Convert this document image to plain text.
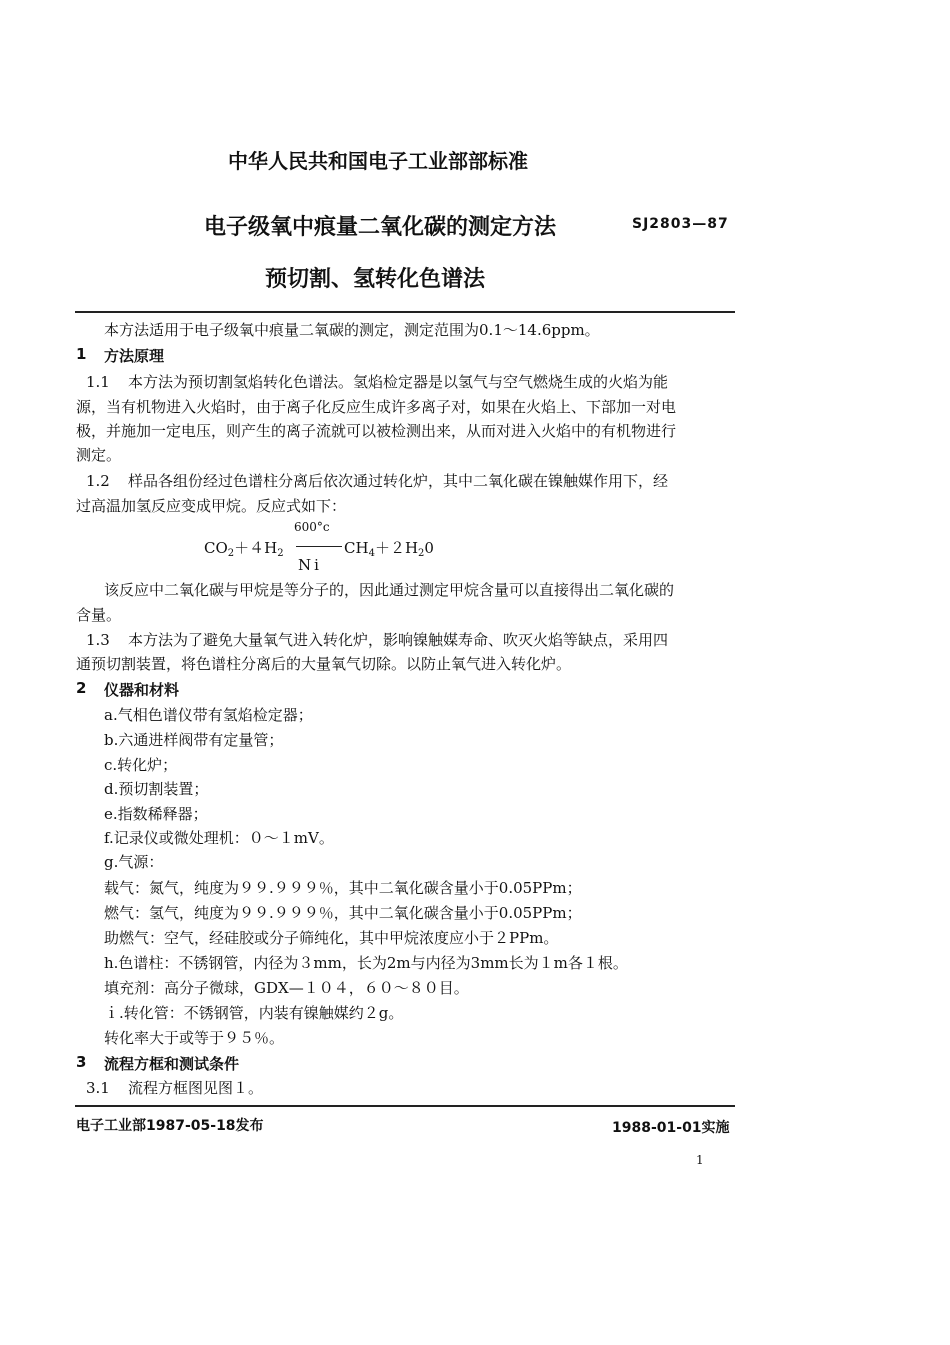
中华人民共和国电子工业部部标准
电子级氧中痕量二氧化碳的测定方法	SJ2803—87
预切割、氢转化色谱法
本方法适用于电子级氧中痕量二氧碳的测定，测定范围为0.1～14.6ppm。
1 方法原理
1.1 本方法为预切割氢焰转化色谱法。氢焰检定器是以氢气与空气燃烧生成的火焰为能
源，当有机物进入火焰时，由于离子化反应生成许多离子对，如果在火焰上、下部加一对电
极，并施加一定电压，则产生的离子流就可以被检测出来，从而对进入火焰中的有机物进行
测定。
1.2 样品各组份经过色谱柱分离后依次通过转化炉，其中二氧化碳在镍触媒作用下，经
过高温加氢反应变成甲烷。反应式如下：
600°c
$CO_2+4H_2$	$CH_4+2H_20$
Ni
该反应中二氧化碳与甲烷是等分子的，因此通过测定甲烷含量可以直接得出二氧化碳的
含量。
1.3 本方法为了避免大量氧气进入转化炉，影响镍触媒寿命、吹灭火焰等缺点，采用四
通预切割装置，将色谱柱分离后的大量氧气切除。以防止氧气进入转化炉。
2 仪器和材料
a.气相色谱仪带有氢焰检定器；
b.六通进样阀带有定量管；
c.转化炉；
d.预切割装置；
e.指数稀释器；
f.记录仪或微处理机：０～１mV。
g.气源：
载气：氮气，纯度为９９.９９９％，其中二氧化碳含量小于0.05PPm；
燃气：氢气，纯度为９９.９９９％，其中二氧化碳含量小于0.05PPm；
助燃气：空气，经硅胶或分子筛纯化，其中甲烷浓度应小于２PPm。
h.色谱柱：不锈钢管，内径为３mm，长为2m与内径为3mm长为１m各１根。
填充剂：高分子微球，GDX—１０４，６０～８０目。
ｉ.转化管：不锈钢管，内装有镍触媒约２g。
转化率大于或等于９５％。
3 流程方框和测试条件
3.1 流程方框图见图１。
电子工业部1987-05-18发布	1988-01-01实施
1
